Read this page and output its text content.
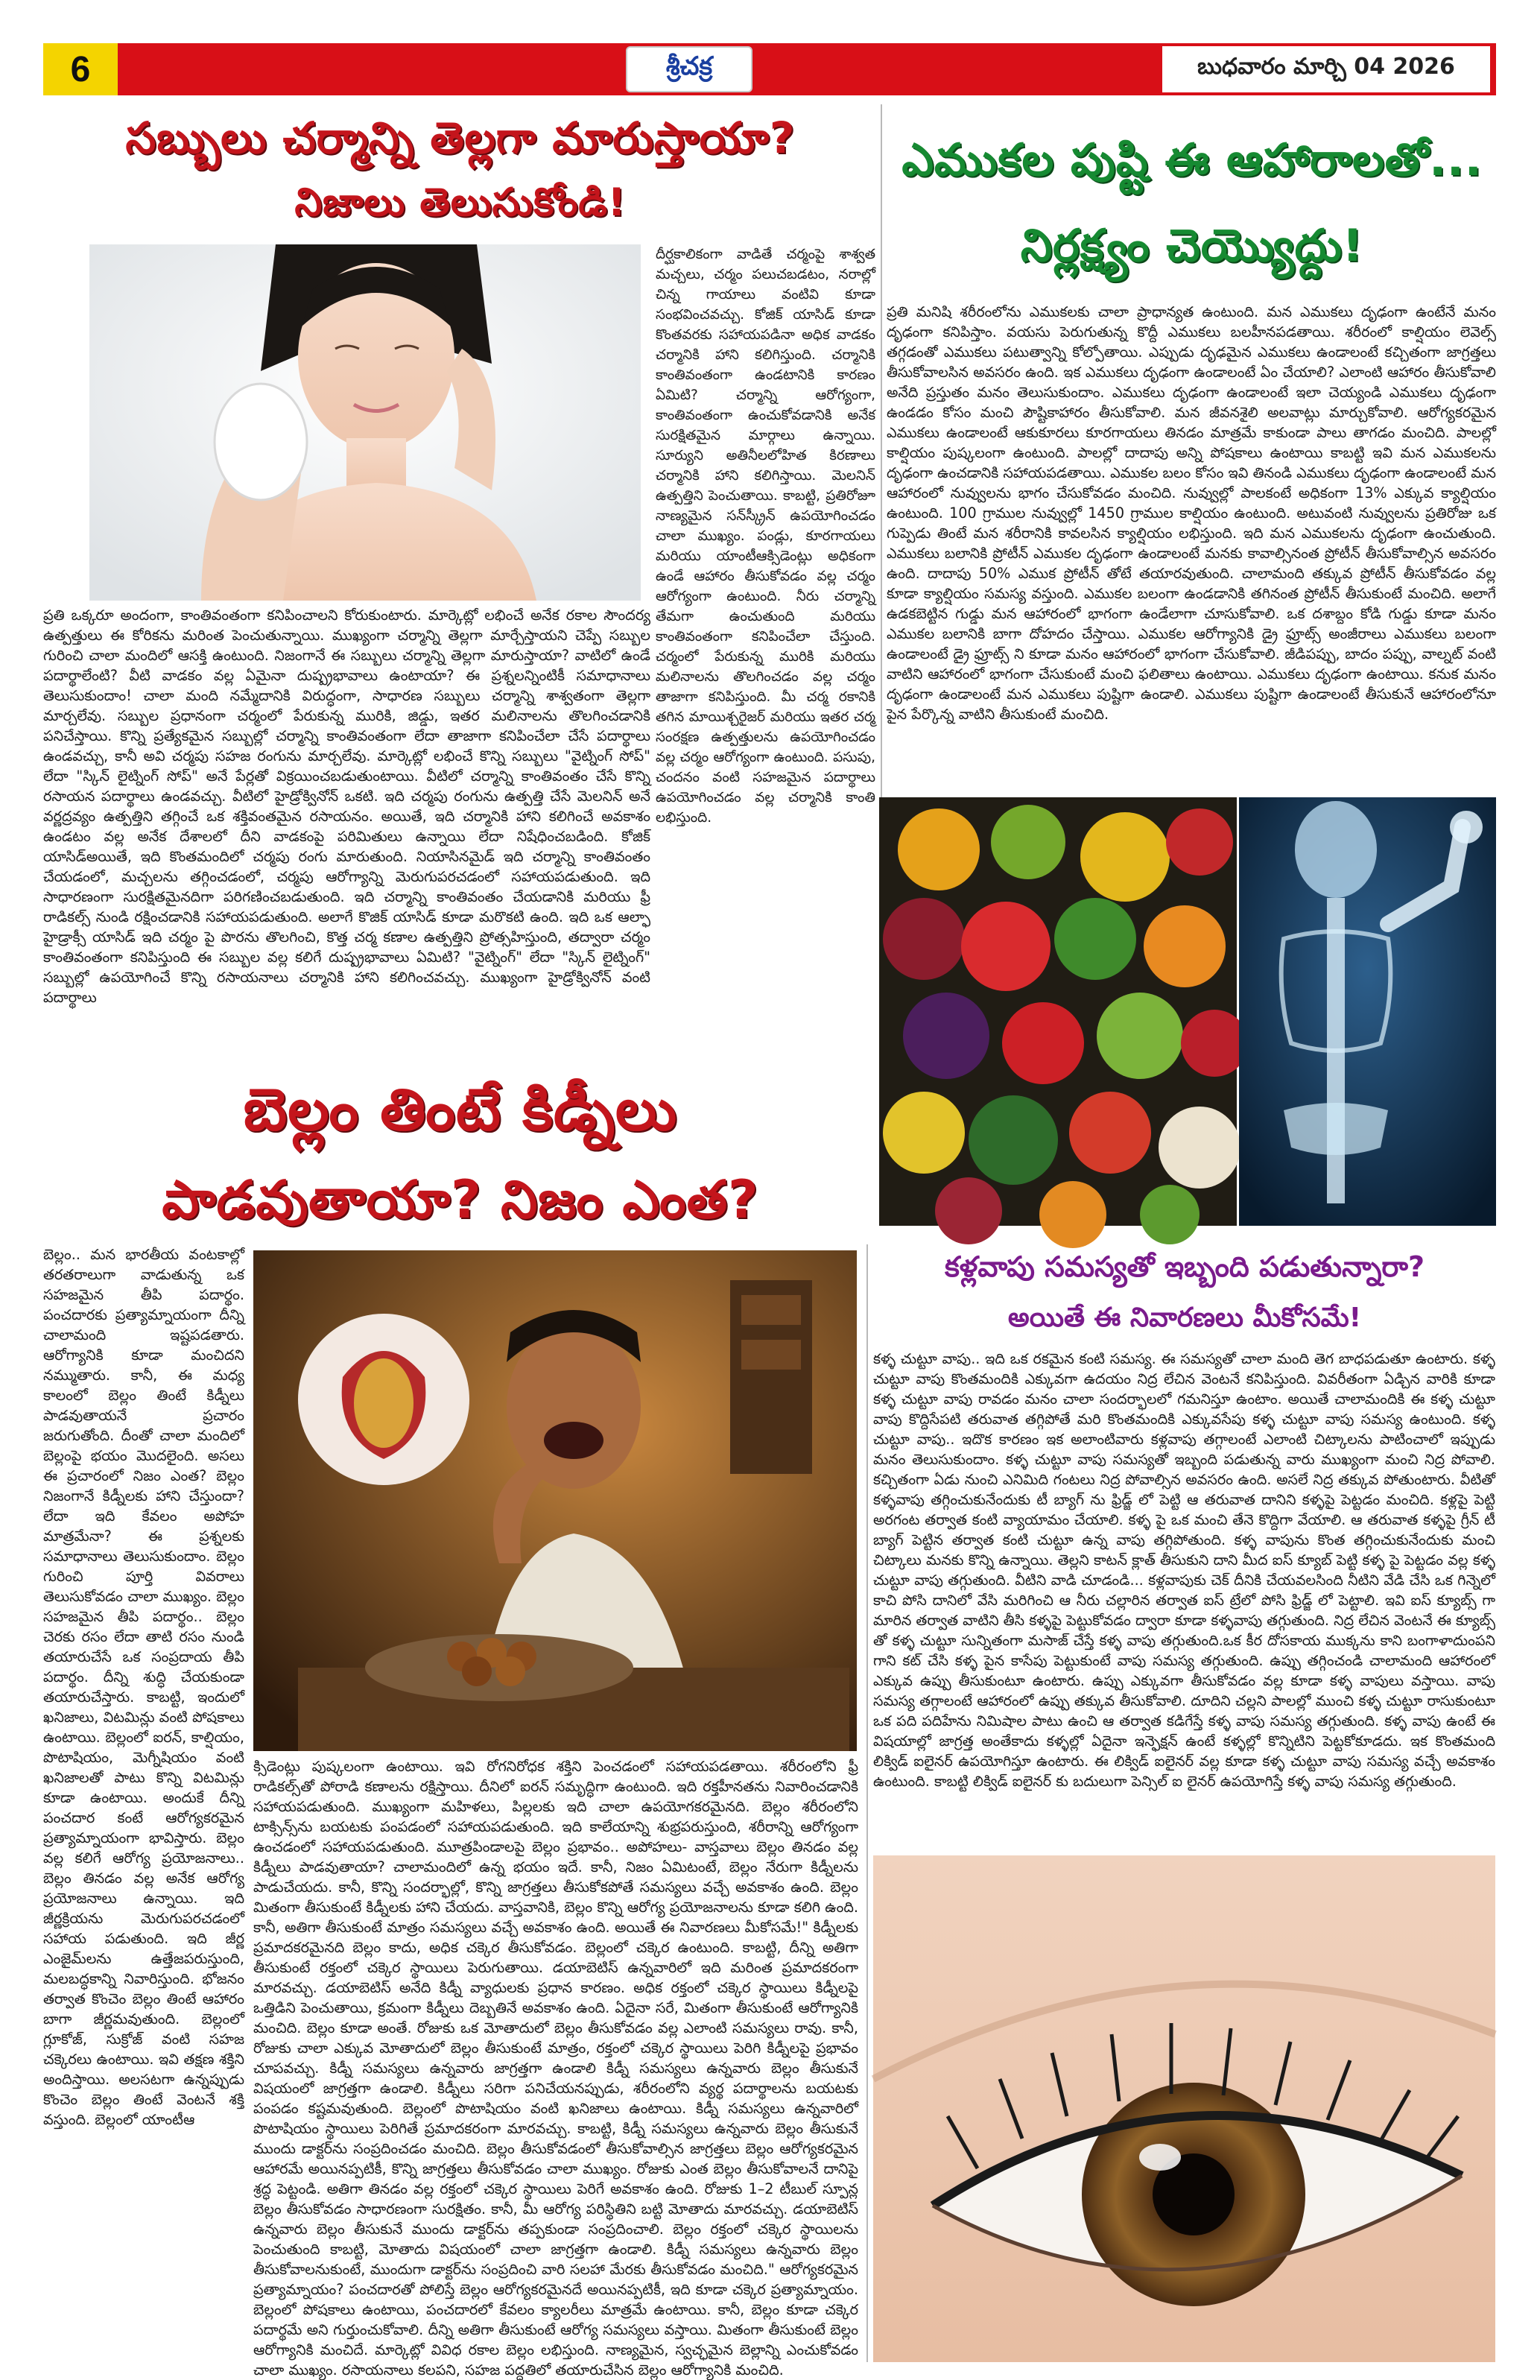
6	శ్రీచక్ర	బుధవారం మార్చి 04 2026
సబ్బులు చర్మాన్ని తెల్లగా మారుస్తాయా?
నిజాలు తెలుసుకోండి!
దీర్ఘకాలికంగా వాడితే చర్మంపై శాశ్వత మచ్చలు, చర్మం పలుచబడటం, నరాల్లో చిన్న గాయాలు వంటివి కూడా సంభవించవచ్చు. కోజిక్ యాసిడ్ కూడా కొంతవరకు సహాయపడినా అధిక వాడకం చర్మానికి హాని కలిగిస్తుంది. చర్మానికి కాంతివంతంగా ఉండటానికి కారణం ఏమిటి? చర్మాన్ని ఆరోగ్యంగా, కాంతివంతంగా ఉంచుకోవడానికి అనేక సురక్షితమైన మార్గాలు ఉన్నాయి. సూర్యుని అతినీలలోహిత కిరణాలు చర్మానికి హాని కలిగిస్తాయి. మెలనిన్ ఉత్పత్తిని పెంచుతాయి. కాబట్టి, ప్రతిరోజూ నాణ్యమైన సన్‌స్క్రీన్ ఉపయోగించడం చాలా ముఖ్యం. పండ్లు, కూరగాయలు మరియు యాంటీఆక్సిడెంట్లు అధికంగా ఉండే ఆహారం తీసుకోవడం వల్ల చర్మం ఆరోగ్యంగా ఉంటుంది. నీరు చర్మాన్ని తేమగా ఉంచుతుంది మరియు కాంతివంతంగా కనిపించేలా చేస్తుంది. చర్మంలో పేరుకున్న మురికి మరియు మలినాలను తొలగించడం వల్ల చర్మం తాజాగా కనిపిస్తుంది. మీ చర్మ రకానికి తగిన మాయిశ్చరైజర్ మరియు ఇతర చర్మ సంరక్షణ ఉత్పత్తులను ఉపయోగించడం వల్ల చర్మం ఆరోగ్యంగా ఉంటుంది. పసుపు, చందనం వంటి సహజమైన పదార్థాలు ఉపయోగించడం వల్ల చర్మానికి కాంతి లభిస్తుంది.
ప్రతి ఒక్కరూ అందంగా, కాంతివంతంగా కనిపించాలని కోరుకుంటారు. మార్కెట్లో లభించే అనేక రకాల సౌందర్య ఉత్పత్తులు ఈ కోరికను మరింత పెంచుతున్నాయి. ముఖ్యంగా చర్మాన్ని తెల్లగా మార్చేస్తాయని చెప్పే సబ్బుల గురించి చాలా మందిలో ఆసక్తి ఉంటుంది. నిజంగానే ఈ సబ్బులు చర్మాన్ని తెల్లగా మారుస్తాయా? వాటిలో ఉండే పదార్థాలేంటి? వీటి వాడకం వల్ల ఏమైనా దుష్ప్రభావాలు ఉంటాయా? ఈ ప్రశ్నలన్నింటికీ సమాధానాలు తెలుసుకుందాం! చాలా మంది నమ్మేదానికి విరుద్ధంగా, సాధారణ సబ్బులు చర్మాన్ని శాశ్వతంగా తెల్లగా మార్చలేవు. సబ్బుల ప్రధానంగా చర్మంలో పేరుకున్న మురికి, జిడ్డు, ఇతర మలినాలను తొలగించడానికి పనిచేస్తాయి. కొన్ని ప్రత్యేకమైన సబ్బుల్లో చర్మాన్ని కాంతివంతంగా లేదా తాజాగా కనిపించేలా చేసే పదార్థాలు ఉండవచ్చు, కానీ అవి చర్మపు సహజ రంగును మార్చలేవు. మార్కెట్లో లభించే కొన్ని సబ్బులు "వైట్నింగ్ సోప్" లేదా "స్కిన్ లైట్నింగ్ సోప్" అనే పేర్లతో విక్రయించబడుతుంటాయి. వీటిలో చర్మాన్ని కాంతివంతం చేసే కొన్ని రసాయన పదార్థాలు ఉండవచ్చు. వీటిలో హైడ్రోక్వినోన్ ఒకటి. ఇది చర్మపు రంగును ఉత్పత్తి చేసే మెలనిన్ అనే వర్ణద్రవ్యం ఉత్పత్తిని తగ్గించే ఒక శక్తివంతమైన రసాయనం. అయితే, ఇది చర్మానికి హాని కలిగించే అవకాశం ఉండటం వల్ల అనేక దేశాలలో దీని వాడకంపై పరిమితులు ఉన్నాయి లేదా నిషేధించబడింది. కోజిక్ యాసిడ్‌అయితే, ఇది కొంతమందిలో చర్మపు రంగు మారుతుంది. నియాసినమైడ్ ఇది చర్మాన్ని కాంతివంతం చేయడంలో, మచ్చలను తగ్గించడంలో, చర్మపు ఆరోగ్యాన్ని మెరుగుపరచడంలో సహాయపడుతుంది. ఇది సాధారణంగా సురక్షితమైనదిగా పరిగణించబడుతుంది. ఇది చర్మాన్ని కాంతివంతం చేయడానికి మరియు ఫ్రీ రాడికల్స్ నుండి రక్షించడానికి సహాయపడుతుంది. అలాగే కొజిక్ యాసిడ్ కూడా మరొకటి ఉంది. ఇది ఒక ఆల్ఫా హైడ్రాక్సీ యాసిడ్ ఇది చర్మం పై పొరను తొలగించి, కొత్త చర్మ కణాల ఉత్పత్తిని ప్రోత్సహిస్తుంది, తద్వారా చర్మం కాంతివంతంగా కనిపిస్తుంది ఈ సబ్బుల వల్ల కలిగే దుష్ప్రభావాలు ఏమిటి? "వైట్నింగ్" లేదా "స్కిన్ లైట్నింగ్" సబ్బుల్లో ఉపయోగించే కొన్ని రసాయనాలు చర్మానికి హాని కలిగించవచ్చు. ముఖ్యంగా హైడ్రోక్వినోన్ వంటి పదార్థాలు
ఎముకల పుష్టి ఈ ఆహారాలతో...
నిర్లక్ష్యం చెయ్యొద్దు!
ప్రతి మనిషి శరీరంలోను ఎముకలకు చాలా ప్రాధాన్యత ఉంటుంది. మన ఎముకలు దృఢంగా ఉంటేనే మనం దృఢంగా కనిపిస్తాం. వయసు పెరుగుతున్న కొద్దీ ఎముకలు బలహీనపడతాయి. శరీరంలో కాల్షియం లెవెల్స్ తగ్గడంతో ఎముకలు పటుత్వాన్ని కోల్పోతాయి. ఎప్పుడు దృఢమైన ఎముకలు ఉండాలంటే కచ్చితంగా జాగ్రత్తలు తీసుకోవాలసిన అవసరం ఉంది. ఇక ఎముకలు దృఢంగా ఉండాలంటే ఏం చేయాలి? ఎలాంటి ఆహారం తీసుకోవాలి అనేది ప్రస్తుతం మనం తెలుసుకుందాం. ఎముకలు దృఢంగా ఉండాలంటే ఇలా చెయ్యండి ఎముకలు దృఢంగా ఉండడం కోసం మంచి పౌష్టికాహారం తీసుకోవాలి. మన జీవనశైలి అలవాట్లు మార్చుకోవాలి. ఆరోగ్యకరమైన ఎముకలు ఉండాలంటే ఆకుకూరలు కూరగాయలు తినడం మాత్రమే కాకుండా పాలు తాగడం మంచిది. పాలల్లో కాల్షియం పుష్కలంగా ఉంటుంది. పాలల్లో దాదాపు అన్ని పోషకాలు ఉంటాయి కాబట్టి ఇవి మన ఎముకలను దృఢంగా ఉంచడానికి సహాయపడతాయి. ఎముకల బలం కోసం ఇవి తినండి ఎముకలు దృఢంగా ఉండాలంటే మన ఆహారంలో నువ్వులను భాగం చేసుకోవడం మంచిది. నువ్వుల్లో పాలకంటే అధికంగా 13% ఎక్కువ క్యాల్షియం ఉంటుంది. 100 గ్రాముల నువ్వుల్లో 1450 గ్రాముల కాల్షియం ఉంటుంది. అటువంటి నువ్వులను ప్రతిరోజు ఒక గుప్పెడు తింటే మన శరీరానికి కావలసిన క్యాల్షియం లభిస్తుంది. ఇది మన ఎముకలను దృఢంగా ఉంచుతుంది. ఎముకలు బలానికి ప్రోటీన్ ఎముకల దృఢంగా ఉండాలంటే మనకు కావాల్సినంత ప్రోటీన్ తీసుకోవాల్సిన అవసరం ఉంది. దాదాపు 50% ఎముక ప్రోటీన్ తోటే తయారవుతుంది. చాలామంది తక్కువ ప్రోటీన్ తీసుకోవడం వల్ల కూడా క్యాల్షియం సమస్య వస్తుంది. ఎముకల బలంగా ఉండడానికి తగినంత ప్రోటీన్ తీసుకుంటే మంచిది. అలాగే ఉడకబెట్టిన గుడ్డు మన ఆహారంలో భాగంగా ఉండేలాగా చూసుకోవాలి. ఒక దశాబ్దం కోడి గుడ్డు కూడా మనం ఎముకల బలానికి బాగా దోహదం చేస్తాయి. ఎముకల ఆరోగ్యానికి డ్రై ఫ్రూట్స్ అంజీరాలు ఎముకలు బలంగా ఉండాలంటే డ్రై ఫ్రూట్స్ ని కూడా మనం ఆహారంలో భాగంగా చేసుకోవాలి. జీడిపప్పు, బాదం పప్పు, వాల్నట్ వంటి వాటిని ఆహారంలో భాగంగా చేసుకుంటే మంచి ఫలితాలు ఉంటాయి. ఎముకలు దృఢంగా ఉంటాయి. కనుక మనం దృఢంగా ఉండాలంటే మన ఎముకలు పుష్టిగా ఉండాలి. ఎముకలు పుష్టిగా ఉండాలంటే తీసుకునే ఆహారంలోనూ పైన పేర్కొన్న వాటిని తీసుకుంటే మంచిది.
బెల్లం తింటే కిడ్నీలు
పాడవుతాయా? నిజం ఎంత?
బెల్లం.. మన భారతీయ వంటకాల్లో తరతరాలుగా వాడుతున్న ఒక సహజమైన తీపి పదార్థం. పంచదారకు ప్రత్యామ్నాయంగా దీన్ని చాలామంది ఇష్టపడతారు. ఆరోగ్యానికి కూడా మంచిదని నమ్ముతారు. కానీ, ఈ మధ్య కాలంలో బెల్లం తింటే కిడ్నీలు పాడవుతాయనే ప్రచారం జరుగుతోంది. దీంతో చాలా మందిలో బెల్లంపై భయం మొదలైంది. అసలు ఈ ప్రచారంలో నిజం ఎంత? బెల్లం నిజంగానే కిడ్నీలకు హాని చేస్తుందా? లేదా ఇది కేవలం అపోహ మాత్రమేనా? ఈ ప్రశ్నలకు సమాధానాలు తెలుసుకుందాం. బెల్లం గురించి పూర్తి వివరాలు తెలుసుకోవడం చాలా ముఖ్యం. బెల్లం సహజమైన తీపి పదార్థం.. బెల్లం చెరకు రసం లేదా తాటి రసం నుండి తయారుచేసే ఒక సంప్రదాయ తీపి పదార్థం. దీన్ని శుద్ధి చేయకుండా తయారుచేస్తారు. కాబట్టి, ఇందులో ఖనిజాలు, విటమిన్లు వంటి పోషకాలు ఉంటాయి. బెల్లంలో ఐరన్, కాల్షియం, పొటాషియం, మెగ్నీషియం వంటి ఖనిజాలతో పాటు కొన్ని విటమిన్లు కూడా ఉంటాయి. అందుకే దీన్ని పంచదార కంటే ఆరోగ్యకరమైన ప్రత్యామ్నాయంగా భావిస్తారు. బెల్లం వల్ల కలిగే ఆరోగ్య ప్రయోజనాలు.. బెల్లం తినడం వల్ల అనేక ఆరోగ్య ప్రయోజనాలు ఉన్నాయి. ఇది జీర్ణక్రియను మెరుగుపరచడంలో సహాయ పడుతుంది. ఇది జీర్ణ ఎంజైమ్‌లను ఉత్తేజపరుస్తుంది, మలబద్ధకాన్ని నివారిస్తుంది. భోజనం తర్వాత కొంచెం బెల్లం తింటే ఆహారం బాగా జీర్ణమవుతుంది. బెల్లంలో గ్లూకోజ్, సుక్రోజ్ వంటి సహజ చక్కెరలు ఉంటాయి. ఇవి తక్షణ శక్తిని అందిస్తాయి. అలసటగా ఉన్నప్పుడు కొంచెం బెల్లం తింటే వెంటనే శక్తి వస్తుంది. బెల్లంలో యాంటీఆ
క్సిడెంట్లు పుష్కలంగా ఉంటాయి. ఇవి రోగనిరోధక శక్తిని పెంచడంలో సహాయపడతాయి. శరీరంలోని ఫ్రీ రాడికల్స్‌తో పోరాడి కణాలను రక్షిస్తాయి. దీనిలో ఐరన్ సమృద్ధిగా ఉంటుంది. ఇది రక్తహీనతను నివారించడానికి సహాయపడుతుంది. ముఖ్యంగా మహిళలు, పిల్లలకు ఇది చాలా ఉపయోగకరమైనది. బెల్లం శరీరంలోని టాక్సిన్స్‌ను బయటకు పంపడంలో సహాయపడుతుంది. ఇది కాలేయాన్ని శుభ్రపరుస్తుంది, శరీరాన్ని ఆరోగ్యంగా ఉంచడంలో సహాయపడుతుంది. మూత్రపిండాలపై బెల్లం ప్రభావం.. అపోహలు- వాస్తవాలు బెల్లం తినడం వల్ల కిడ్నీలు పాడవుతాయా? చాలామందిలో ఉన్న భయం ఇదే. కానీ, నిజం ఏమిటంటే, బెల్లం నేరుగా కిడ్నీలను పాడుచేయదు. కానీ, కొన్ని సందర్భాల్లో, కొన్ని జాగ్రత్తలు తీసుకోకపోతే సమస్యలు వచ్చే అవకాశం ఉంది. బెల్లం మితంగా తీసుకుంటే కిడ్నీలకు హాని చేయదు. వాస్తవానికి, బెల్లం కొన్ని ఆరోగ్య ప్రయోజనాలను కూడా కలిగి ఉంది. కానీ, అతిగా తీసుకుంటే మాత్రం సమస్యలు వచ్చే అవకాశం ఉంది. అయితే ఈ నివారణలు మీకోసమే!" కిడ్నీలకు ప్రమాదకరమైనది బెల్లం కాదు, అధిక చక్కెర తీసుకోవడం. బెల్లంలో చక్కెర ఉంటుంది. కాబట్టి, దీన్ని అతిగా తీసుకుంటే రక్తంలో చక్కెర స్థాయిలు పెరుగుతాయి. డయాబెటిస్ ఉన్నవారిలో ఇది మరింత ప్రమాదకరంగా మారవచ్చు. డయాబెటిస్ అనేది కిడ్నీ వ్యాధులకు ప్రధాన కారణం. అధిక రక్తంలో చక్కెర స్థాయిలు కిడ్నీలపై ఒత్తిడిని పెంచుతాయి, క్రమంగా కిడ్నీలు దెబ్బతినే అవకాశం ఉంది. ఏదైనా సరే, మితంగా తీసుకుంటే ఆరోగ్యానికి మంచిది. బెల్లం కూడా అంతే. రోజుకు ఒక మోతాదులో బెల్లం తీసుకోవడం వల్ల ఎలాంటి సమస్యలు రావు. కానీ, రోజుకు చాలా ఎక్కువ మోతాదులో బెల్లం తీసుకుంటే మాత్రం, రక్తంలో చక్కెర స్థాయిలు పెరిగి కిడ్నీలపై ప్రభావం చూపవచ్చు. కిడ్నీ సమస్యలు ఉన్నవారు జాగ్రత్తగా ఉండాలి కిడ్నీ సమస్యలు ఉన్నవారు బెల్లం తీసుకునే విషయంలో జాగ్రత్తగా ఉండాలి. కిడ్నీలు సరిగా పనిచేయనప్పుడు, శరీరంలోని వ్యర్థ పదార్థాలను బయటకు పంపడం కష్టమవుతుంది. బెల్లంలో పొటాషియం వంటి ఖనిజాలు ఉంటాయి. కిడ్నీ సమస్యలు ఉన్నవారిలో పొటాషియం స్థాయిలు పెరిగితే ప్రమాదకరంగా మారవచ్చు. కాబట్టి, కిడ్నీ సమస్యలు ఉన్నవారు బెల్లం తీసుకునే ముందు డాక్టర్‌ను సంప్రదించడం మంచిది. బెల్లం తీసుకోవడంలో తీసుకోవాల్సిన జాగ్రత్తలు బెల్లం ఆరోగ్యకరమైన ఆహారమే అయినప్పటికీ, కొన్ని జాగ్రత్తలు తీసుకోవడం చాలా ముఖ్యం. రోజుకు ఎంత బెల్లం తీసుకోవాలనే దానిపై శ్రద్ధ పెట్టండి. అతిగా తినడం వల్ల రక్తంలో చక్కెర స్థాయిలు పెరిగే అవకాశం ఉంది. రోజుకు 1–2 టీబుల్ స్పూన్ల బెల్లం తీసుకోవడం సాధారణంగా సురక్షితం. కానీ, మీ ఆరోగ్య పరిస్థితిని బట్టి మోతాదు మారవచ్చు. డయాబెటిస్ ఉన్నవారు బెల్లం తీసుకునే ముందు డాక్టర్‌ను తప్పకుండా సంప్రదించాలి. బెల్లం రక్తంలో చక్కెర స్థాయిలను పెంచుతుంది కాబట్టి, మోతాదు విషయంలో చాలా జాగ్రత్తగా ఉండాలి. కిడ్నీ సమస్యలు ఉన్నవారు బెల్లం తీసుకోవాలనుకుంటే, ముందుగా డాక్టర్‌ను సంప్రదించి వారి సలహా మేరకు తీసుకోవడం మంచిది." ఆరోగ్యకరమైన ప్రత్యామ్నాయం? పంచదారతో పోలిస్తే బెల్లం ఆరోగ్యకరమైనదే అయినప్పటికీ, ఇది కూడా చక్కెర ప్రత్యామ్నాయం. బెల్లంలో పోషకాలు ఉంటాయి, పంచదారలో కేవలం క్యాలరీలు మాత్రమే ఉంటాయి. కానీ, బెల్లం కూడా చక్కెర పదార్థమే అని గుర్తుంచుకోవాలి. దీన్ని అతిగా తీసుకుంటే ఆరోగ్య సమస్యలు వస్తాయి. మితంగా తీసుకుంటే బెల్లం ఆరోగ్యానికి మంచిదే. మార్కెట్లో వివిధ రకాల బెల్లం లభిస్తుంది. నాణ్యమైన, స్వచ్ఛమైన బెల్లాన్ని ఎంచుకోవడం చాలా ముఖ్యం. రసాయనాలు కలపని, సహజ పద్ధతిలో తయారుచేసిన బెల్లం ఆరోగ్యానికి మంచిది.
కళ్లవాపు సమస్యతో ఇబ్బంది పడుతున్నారా?
అయితే ఈ నివారణలు మీకోసమే!
కళ్ళ చుట్టూ వాపు.. ఇది ఒక రకమైన కంటి సమస్య. ఈ సమస్యతో చాలా మంది తెగ బాధపడుతూ ఉంటారు. కళ్ళ చుట్టూ వాపు కొంతమందికి ఎక్కువగా ఉదయం నిద్ర లేచిన వెంటనే కనిపిస్తుంది. వివరీతంగా ఏడ్చిన వారికి కూడా కళ్ళ చుట్టూ వాపు రావడం మనం చాలా సందర్భాలలో గమనిస్తూ ఉంటాం. అయితే చాలామందికి ఈ కళ్ళ చుట్టూ వాపు కొద్దిసేపటి తరువాత తగ్గిపోతే మరి కొంతమందికి ఎక్కువసేపు కళ్ళ చుట్టూ వాపు సమస్య ఉంటుంది. కళ్ళ చుట్టూ వాపు.. ఇదొక కారణం ఇక అలాంటివారు కళ్లవాపు తగ్గాలంటే ఎలాంటి చిట్కాలను పాటించాలో ఇప్పుడు మనం తెలుసుకుందాం. కళ్ళ చుట్టూ వాపు సమస్యతో ఇబ్బంది పడుతున్న వారు ముఖ్యంగా మంచి నిద్ర పోవాలి. కచ్చితంగా ఏడు నుంచి ఎనిమిది గంటలు నిద్ర పోవాల్సిన అవసరం ఉంది. అసలే నిద్ర తక్కువ పోతుంటారు. వీటితో కళ్ళవాపు తగ్గించుకునేందుకు టీ బ్యాగ్ ను ఫ్రిడ్జ్ లో పెట్టి ఆ తరువాత దానిని కళ్ళపై పెట్టడం మంచిది. కళ్లపై పెట్టి అరగంట తర్వాత కంటి వ్యాయామం చేయాలి. కళ్ళ పై ఒక మంచి తేనె కొద్దిగా వేయాలి. ఆ తరువాత కళ్ళపై గ్రీన్ టీ బ్యాగ్ పెట్టిన తర్వాత కంటి చుట్టూ ఉన్న వాపు తగ్గిపోతుంది. కళ్ళ వాపును కొంత తగ్గించుకునేందుకు మంచి చిట్కాలు మనకు కొన్ని ఉన్నాయి. తెల్లని కాటన్ క్లాత్ తీసుకుని దాని మీద ఐస్ క్యూబ్ పెట్టి కళ్ళ పై పెట్టడం వల్ల కళ్ళ చుట్టూ వాపు తగ్గుతుంది. వీటిని వాడి చూడండి... కళ్లవాపుకు చెక్ దీనికి చేయవలసింది నీటిని వేడి చేసి ఒక గిన్నెలో కాచి పోసి దానిలో వేసి మరిగించి ఆ నీరు చల్లారిన తర్వాత ఐస్ ట్రేలో పోసి ఫ్రిడ్జ్ లో పెట్టాలి. ఇవి ఐస్ క్యూబ్స్ గా మారిన తర్వాత వాటిని తీసి కళ్ళపై పెట్టుకోవడం ద్వారా కూడా కళ్ళవాపు తగ్గుతుంది. నిద్ర లేచిన వెంటనే ఈ క్యూబ్స్ తో కళ్ళ చుట్టూ సున్నితంగా మసాజ్ చేస్తే కళ్ళ వాపు తగ్గుతుంది.ఒక కీర దోసకాయ ముక్కను కాని బంగాళాదుంపని గాని కట్ చేసి కళ్ళ పైన కాసేపు పెట్టుకుంటే వాపు సమస్య తగ్గుతుంది. ఉప్పు తగ్గించండి చాలామంది ఆహారంలో ఎక్కువ ఉప్పు తీసుకుంటూ ఉంటారు. ఉప్పు ఎక్కువగా తీసుకోవడం వల్ల కూడా కళ్ళ వాపులు వస్తాయి. వాపు సమస్య తగ్గాలంటే ఆహారంలో ఉప్పు తక్కువ తీసుకోవాలి. దూదిని చల్లని పాలల్లో ముంచి కళ్ళ చుట్టూ రాసుకుంటూ ఒక పది పదిహేను నిమిషాల పాటు ఉంచి ఆ తర్వాత కడిగేస్తే కళ్ళ వాపు సమస్య తగ్గుతుంది. కళ్ళ వాపు ఉంటే ఈ విషయాల్లో జాగ్రత్త అంతేకాదు కళ్ళల్లో ఏదైనా ఇన్ఫెక్షన్ ఉంటే కళ్ళల్లో కొన్నిటిని పెట్టకోకూడదు. ఇక కొంతమంది లిక్విడ్ ఐలైనర్ ఉపయోగిస్తూ ఉంటారు. ఈ లిక్విడ్ ఐలైనర్ వల్ల కూడా కళ్ళ చుట్టూ వాపు సమస్య వచ్చే అవకాశం ఉంటుంది. కాబట్టి లిక్విడ్ ఐలైనర్ కు బదులుగా పెన్సిల్ ఐ లైనర్ ఉపయోగిస్తే కళ్ళ వాపు సమస్య తగ్గుతుంది.
